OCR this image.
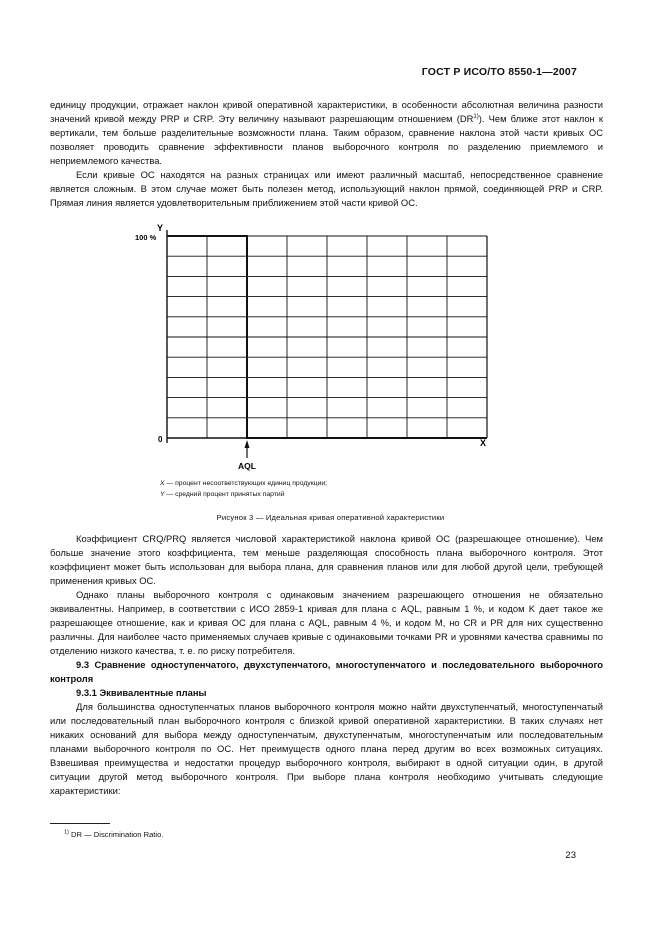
ГОСТ Р ИСО/ТО 8550-1—2007

единицу продукции, отражает наклон кривой оперативной характеристики, в особенности абсолютная величина разности значений кривой между PRP и CRP. Эту величину называют разрешающим отношением (DR$^{1)}$). Чем ближе этот наклон к вертикали, тем больше разделительные возможности плана. Таким образом, сравнение наклона этой части кривых ОС позволяет проводить сравнение эффективности планов выборочного контроля по разделению приемлемого и неприемлемого качества.

Если кривые ОС находятся на разных страницах или имеют различный масштаб, непосредственное сравнение является сложным. В этом случае может быть полезен метод, использующий наклон прямой, соединяющей PRP и CRP. Прямая линия является удовлетворительным приближением этой части кривой ОС.

Y
100 %
0	X
AQL
X — процент несоответствующих единиц продукции;
Y — средний процент принятых партий
Рисунок 3 — Идеальная кривая оперативной характеристики

Коэффициент CRQ/PRQ является числовой характеристикой наклона кривой ОС (разрешающее отношение). Чем больше значение этого коэффициента, тем меньше разделяющая способность плана выборочного контроля. Этот коэффициент может быть использован для выбора плана, для сравнения планов или для любой другой цели, требующей применения кривых ОС.

Однако планы выборочного контроля с одинаковым значением разрешающего отношения не обязательно эквивалентны. Например, в соответствии с ИСО 2859-1 кривая для плана с AQL, равным 1 %, и кодом K дает такое же разрешающее отношение, как и кривая ОС для плана с AQL, равным 4 %, и кодом M, но CR и PR для них существенно различны. Для наиболее часто применяемых случаев кривые с одинаковыми точками PR и уровнями качества сравнимы по отделению низкого качества, т. е. по риску потребителя.

9.3 Сравнение одноступенчатого, двухступенчатого, многоступенчатого и последовательного выборочного контроля

9.3.1 Эквивалентные планы

Для большинства одноступенчатых планов выборочного контроля можно найти двухступенчатый, многоступенчатый или последовательный план выборочного контроля с близкой кривой оперативной характеристики. В таких случаях нет никаких оснований для выбора между одноступенчатым, двухступенчатым, многоступенчатым или последовательным планами выборочного контроля по ОС. Нет преимуществ одного плана перед другим во всех возможных ситуациях. Взвешивая преимущества и недостатки процедур выборочного контроля, выбирают в одной ситуации один, в другой ситуации другой метод выборочного контроля. При выборе плана контроля необходимо учитывать следующие характеристики:

$^{1)}$ DR — Discrimination Ratio.
23
